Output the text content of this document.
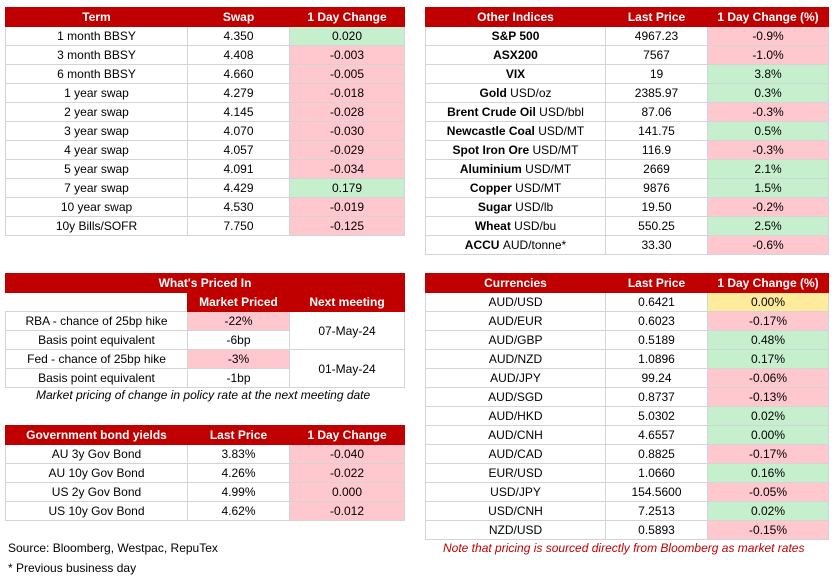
Term	Swap	1 Day Change
1 month BBSY	4.350	0.020
3 month BBSY	4.408	-0.003
6 month BBSY	4.660	-0.005
1 year swap	4.279	-0.018
2 year swap	4.145	-0.028
3 year swap	4.070	-0.030
4 year swap	4.057	-0.029
5 year swap	4.091	-0.034
7 year swap	4.429	0.179
10 year swap	4.530	-0.019
10y Bills/SOFR	7.750	-0.125
Other Indices	Last Price	1 Day Change (%)
S&P 500	4967.23	-0.9%
ASX200	7567	-1.0%
VIX	19	3.8%
Gold USD/oz	2385.97	0.3%
Brent Crude Oil USD/bbl	87.06	-0.3%
Newcastle Coal USD/MT	141.75	0.5%
Spot Iron Ore USD/MT	116.9	-0.3%
Aluminium USD/MT	2669	2.1%
Copper USD/MT	9876	1.5%
Sugar USD/lb	19.50	-0.2%
Wheat USD/bu	550.25	2.5%
ACCU AUD/tonne*	33.30	-0.6%
What's Priced In		
	Market Priced	Next meeting
RBA - chance of 25bp hike	-22%	07-May-24
Basis point equivalent	-6bp	
Fed - chance of 25bp hike	-3%	01-May-24
Basis point equivalent	-1bp	
Market pricing of change in policy rate at the next meeting date
Government bond yields	Last Price	1 Day Change
AU 3y Gov Bond	3.83%	-0.040
AU 10y Gov Bond	4.26%	-0.022
US 2y Gov Bond	4.99%	0.000
US 10y Gov Bond	4.62%	-0.012
Currencies	Last Price	1 Day Change (%)
AUD/USD	0.6421	0.00%
AUD/EUR	0.6023	-0.17%
AUD/GBP	0.5189	0.48%
AUD/NZD	1.0896	0.17%
AUD/JPY	99.24	-0.06%
AUD/SGD	0.8737	-0.13%
AUD/HKD	5.0302	0.02%
AUD/CNH	4.6557	0.00%
AUD/CAD	0.8825	-0.17%
EUR/USD	1.0660	0.16%
USD/JPY	154.5600	-0.05%
USD/CNH	7.2513	0.02%
NZD/USD	0.5893	-0.15%
Source: Bloomberg, Westpac, RepuTex
* Previous business day
Note that pricing is sourced directly from Bloomberg as market rates
